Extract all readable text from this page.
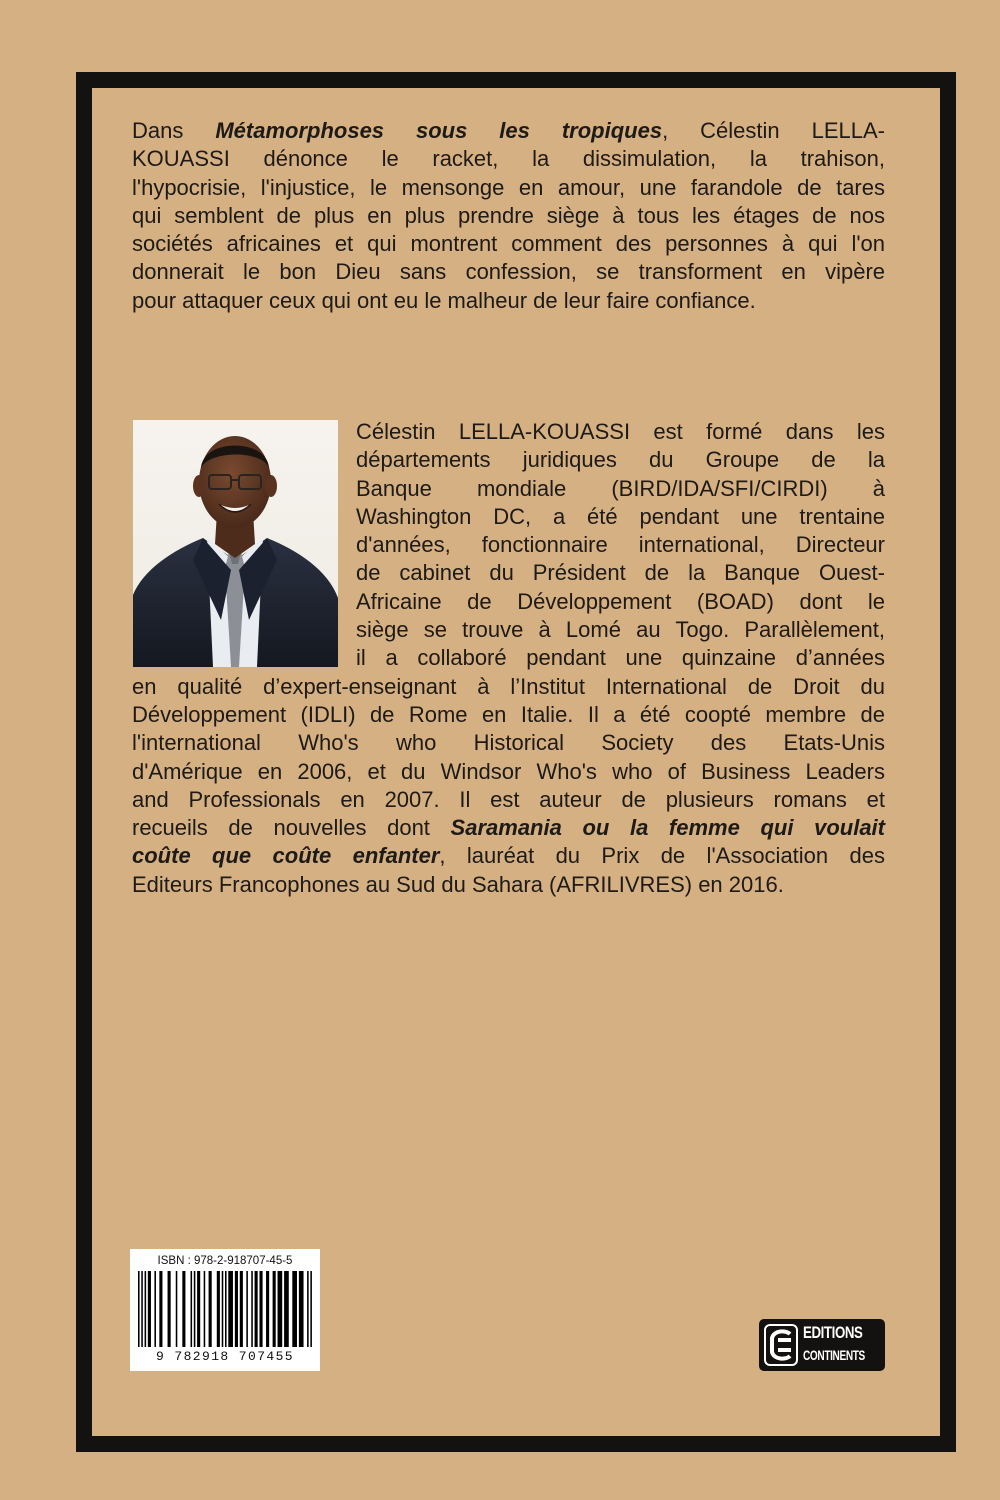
Dans Métamorphoses sous les tropiques, Célestin LELLA-
KOUASSI dénonce le racket, la dissimulation, la trahison,
l'hypocrisie, l'injustice, le mensonge en amour, une farandole de tares
qui semblent de plus en plus prendre siège à tous les étages de nos
sociétés africaines et qui montrent comment des personnes à qui l'on
donnerait le bon Dieu sans confession, se transforment en vipère
pour attaquer ceux qui ont eu le malheur de leur faire confiance.
Célestin LELLA-KOUASSI est formé dans les
départements juridiques du Groupe de la
Banque mondiale (BIRD/IDA/SFI/CIRDI) à
Washington DC, a été pendant une trentaine
d'années, fonctionnaire international, Directeur
de cabinet du Président de la Banque Ouest-
Africaine de Développement (BOAD) dont le
siège se trouve à Lomé au Togo. Parallèlement,
il a collaboré pendant une quinzaine d’années
en qualité d’expert-enseignant à l’Institut International de Droit du
Développement (IDLI) de Rome en Italie. Il a été coopté membre de
l'international Who's who Historical Society des Etats-Unis
d'Amérique en 2006, et du Windsor Who's who of Business Leaders
and Professionals en 2007. Il est auteur de plusieurs romans et
recueils de nouvelles dont Saramania ou la femme qui voulait
coûte que coûte enfanter, lauréat du Prix de l'Association des
Editeurs Francophones au Sud du Sahara (AFRILIVRES) en 2016.
ISBN : 978-2-918707-45-5
9 782918 707455
EDITIONS
CONTINENTS
